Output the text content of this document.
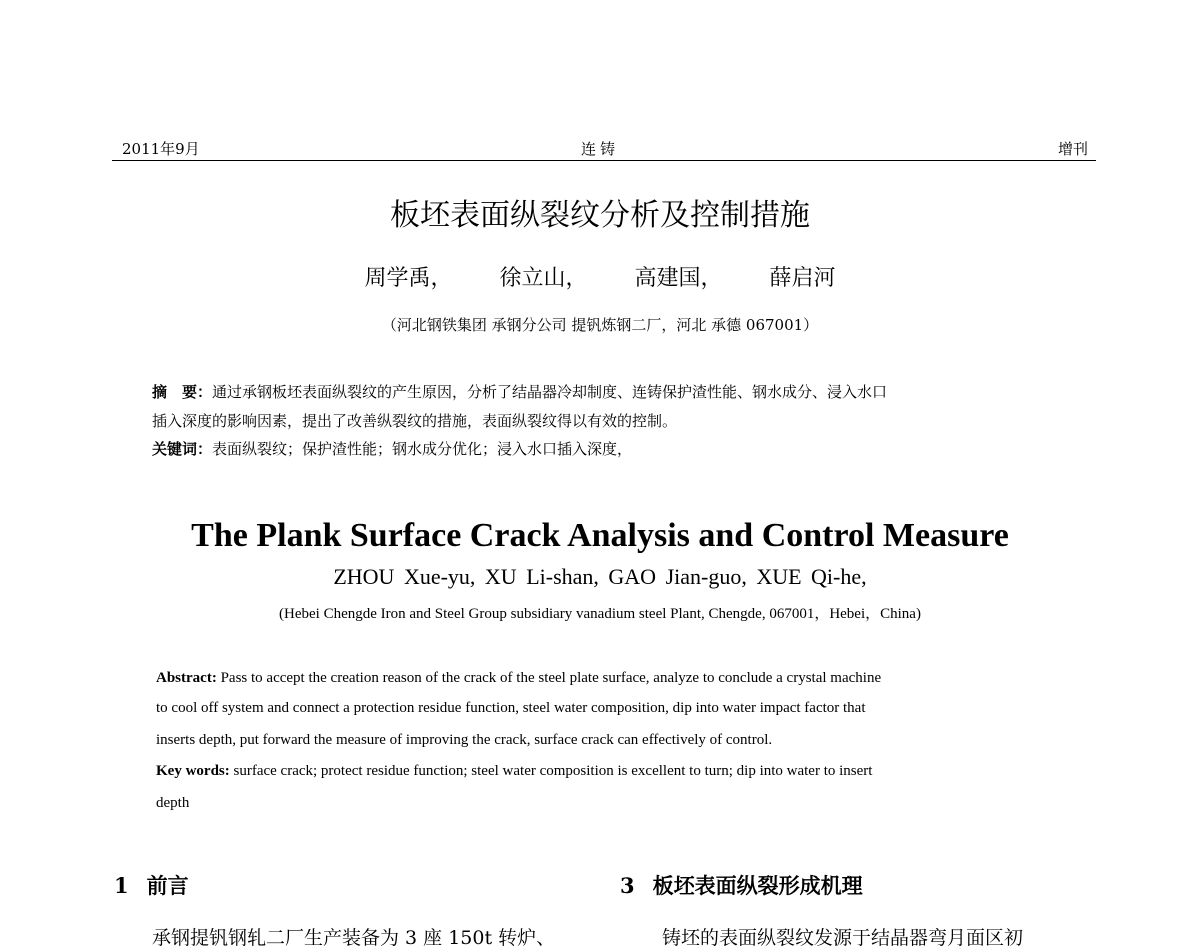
2011年9月	连铸	增刊
板坯表面纵裂纹分析及控制措施
周学禹， 徐立山， 高建国， 薛启河
（河北钢铁集团 承钢分公司 提钒炼钢二厂，河北 承德 067001）
摘　要：通过承钢板坯表面纵裂纹的产生原因，分析了结晶器冷却制度、连铸保护渣性能、钢水成分、浸入水口
插入深度的影响因素，提出了改善纵裂纹的措施，表面纵裂纹得以有效的控制。
关键词：表面纵裂纹；保护渣性能；钢水成分优化；浸入水口插入深度，
The Plank Surface Crack Analysis and Control Measure
ZHOU Xue-yu, XU Li-shan, GAO Jian-guo, XUE Qi-he,
(Hebei Chengde Iron and Steel Group subsidiary vanadium steel Plant, Chengde, 067001，Hebei，China)
Abstract: Pass to accept the creation reason of the crack of the steel plate surface, analyze to conclude a crystal machine
to cool off system and connect a protection residue function, steel water composition, dip into water impact factor that
inserts depth, put forward the measure of improving the crack, surface crack can effectively of control.
Key words: surface crack; protect residue function; steel water composition is excellent to turn; dip into water to insert
depth
1 前言	3 板坯表面纵裂形成机理
承钢提钒钢轧二厂生产装备为 3 座 150t 转炉、	铸坯的表面纵裂纹发源于结晶器弯月面区初
